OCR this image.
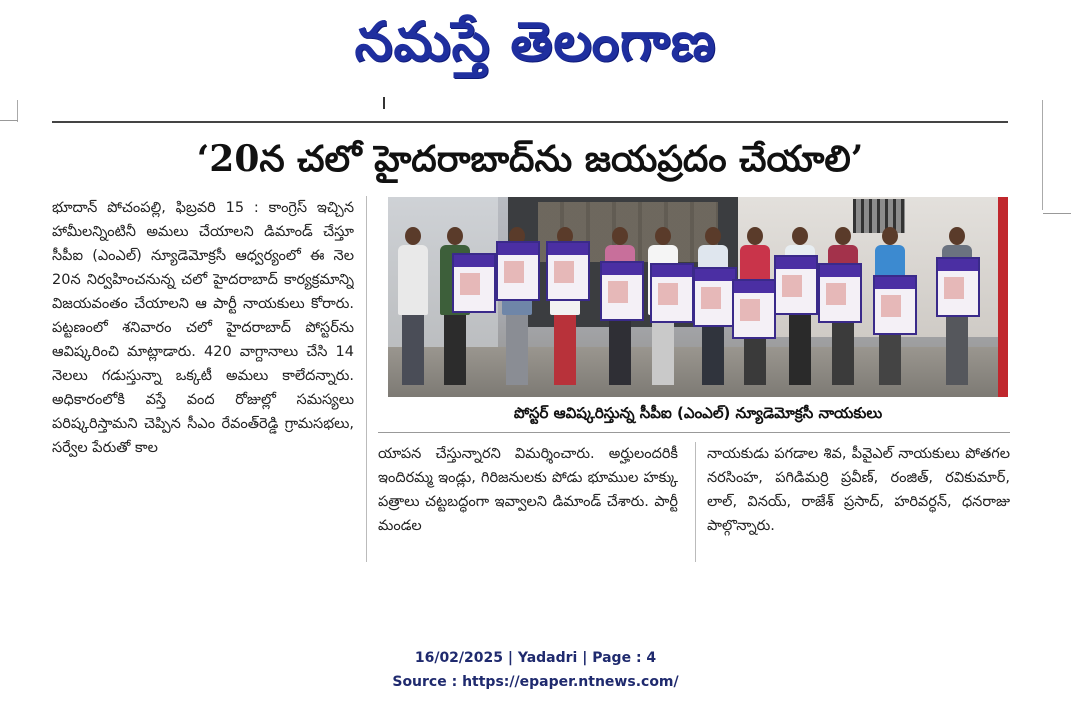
నమస్తే తెలంగాణ
‘20న చలో హైదరాబాద్‌ను జయప్రదం చేయాలి’
భూదాన్‌ పోచంపల్లి, ఫిబ్రవరి 15 : కాంగ్రెస్‌ ఇచ్చిన హామీలన్నింటినీ అమలు చేయాలని డిమాండ్‌ చేస్తూ సీపీఐ (ఎంఎల్‌) న్యూడెమోక్రసీ ఆధ్వర్యంలో ఈ నెల 20న నిర్వహించనున్న చలో హైదరాబాద్‌ కార్యక్రమాన్ని విజయవంతం చేయాలని ఆ పార్టీ నాయకులు కోరారు. పట్టణంలో శనివారం చలో హైదరాబాద్‌ పోస్టర్‌ను ఆవిష్కరించి మాట్లాడారు. 420 వాగ్దానాలు చేసి 14 నెలలు గడుస్తున్నా ఒక్కటీ అమలు కాలేదన్నారు. అధికారంలోకి వస్తే వంద రోజుల్లో సమస్యలు పరిష్కరిస్తామని చెప్పిన సీఎం రేవంత్‌రెడ్డి గ్రామసభలు, సర్వేల పేరుతో కాల
పోస్టర్‌ ఆవిష్కరిస్తున్న సీపీఐ (ఎంఎల్‌) న్యూడెమోక్రసీ నాయకులు
యాపన చేస్తున్నారని విమర్శించారు. అర్హులందరికీ ఇందిరమ్మ ఇండ్లు, గిరిజనులకు పోడు భూముల హక్కు పత్రాలు చట్టబద్ధంగా ఇవ్వాలని డిమాండ్‌ చేశారు. పార్టీ మండల
నాయకుడు పగడాల శివ, పీవైఎల్‌ నాయకులు పోతగల నరసింహ, పగిడిమర్రి ప్రవీణ్‌, రంజిత్‌, రవికుమార్‌, లాల్‌, వినయ్‌, రాజేశ్‌ ప్రసాద్‌, హరివర్ధన్‌, ధనరాజు పాల్గొన్నారు.
16/02/2025 | Yadadri | Page : 4
Source : https://epaper.ntnews.com/
